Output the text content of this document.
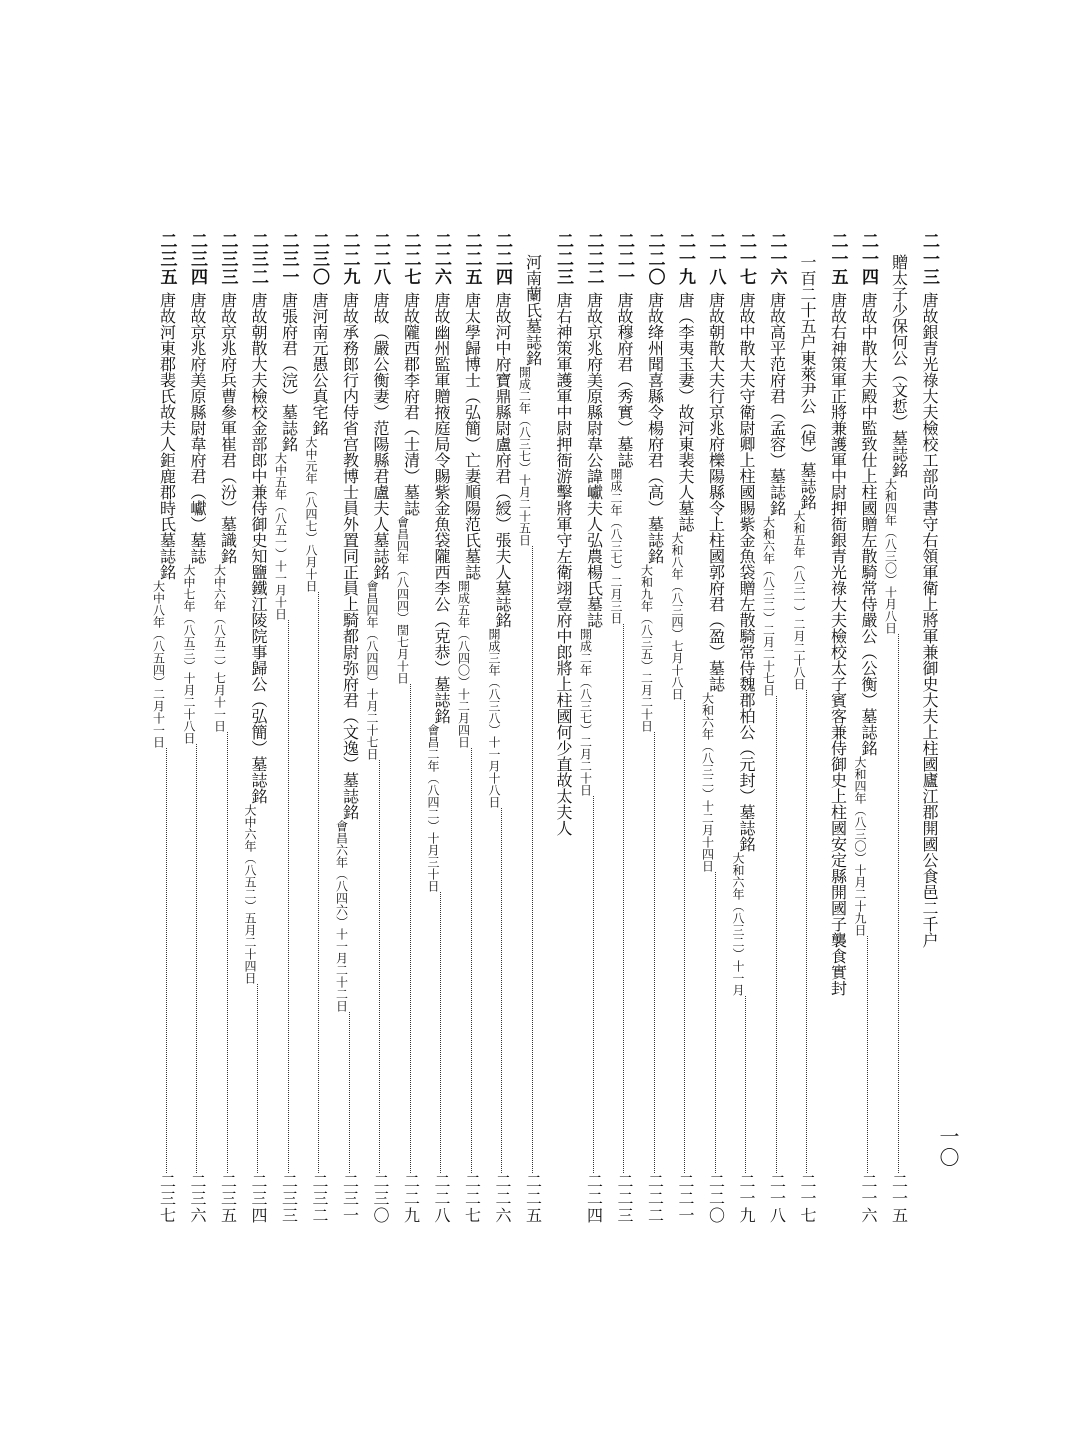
一〇
二一三
唐故銀青光祿大夫檢校工部尚書守右領軍衛上將軍兼御史大夫上柱國廬江郡開國公食邑二千户
贈太子少保何公（文悊）墓誌銘
大和四年（八三〇）十月八日
二一五
二一四
唐故中散大夫殿中監致仕上柱國贈左散騎常侍嚴公（公衡）墓誌銘
大和四年（八三〇）十月二十九日
二一六
二一五
唐故右神策軍正將兼護軍中尉押衙銀青光祿大夫檢校太子賓客兼侍御史上柱國安定縣開國子襲食實封
一百二十五户東萊尹公（倬）墓誌銘
大和五年（八三一）二月二十八日
二一七
二一六
唐故高平范府君（孟容）墓誌銘
大和六年（八三二）二月二十七日
二一八
二一七
唐故中散大夫守衛尉卿上柱國賜紫金魚袋贈左散騎常侍魏郡柏公（元封）墓誌銘
大和六年（八三二）十一月
二一九
二一八
唐故朝散大夫行京兆府櫟陽縣令上柱國郭府君（盈）墓誌
大和六年（八三二）十二月十四日
二二〇
二一九
唐（李夷玉妻）故河東裴夫人墓誌
大和八年（八三四）七月十八日
二二一
二二〇
唐故绛州聞喜縣令楊府君（高）墓誌銘
大和九年（八三五）二月二十日
二二二
二二一
唐故穆府君（秀實）墓誌
開成二年（八三七）二月三日
二二三
二二二
唐故京兆府美原縣尉韋公諱巘夫人弘農楊氏墓誌
開成二年（八三七）二月二十日
二二四
二二三
唐右神策軍護軍中尉押衙游擊將軍守左衛翊壹府中郎將上柱國何少直故太夫人
河南蘭氏墓誌銘
開成二年（八三七）十月二十五日
二二五
二二四
唐故河中府寶鼎縣尉盧府君（綬）張夫人墓誌銘
開成三年（八三八）十一月十八日
二二六
二二五
唐太學歸博士（弘簡）亡妻順陽范氏墓誌
開成五年（八四〇）十二月四日
二二七
二二六
唐故幽州監軍贈掖庭局令賜紫金魚袋隴西李公（克恭）墓誌銘
會昌二年（八四二）十月三十日
二二八
二二七
唐故隴西郡李府君（士清）墓誌
會昌四年（八四四）閏七月十日
二二九
二二八
唐故（嚴公衡妻）范陽縣君盧夫人墓誌銘
會昌四年（八四四）十月二十七日
二三〇
二二九
唐故承務郎行内侍省宫教博士員外置同正員上騎都尉弥府君（文逸）墓誌銘
會昌六年（八四六）十一月二十二日
二三一
二三〇
唐河南元愚公真宅銘
大中元年（八四七）八月十日
二三二
二三一
唐張府君（浣）墓誌銘
大中五年（八五一）十一月十日
二三三
二三二
唐故朝散大夫檢校金部郎中兼侍御史知鹽鐵江陵院事歸公（弘簡）墓誌銘
大中六年（八五二）五月二十四日
二三四
二三三
唐故京兆府兵曹參軍崔君（汾）墓識銘
大中六年（八五二）七月十一日
二三五
二三四
唐故京兆府美原縣尉韋府君（巘）墓誌
大中七年（八五三）十月二十八日
二三六
二三五
唐故河東郡裴氏故夫人鉅鹿郡時氏墓誌銘
大中八年（八五四）二月十一日
二三七
